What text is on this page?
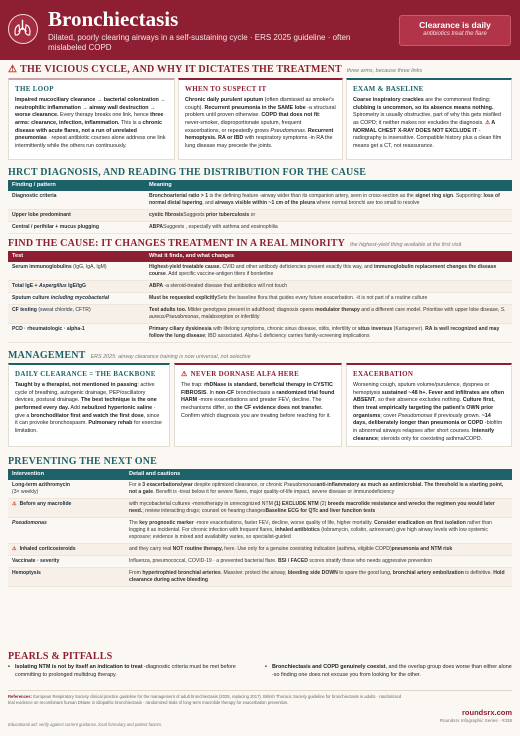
Bronchiectasis
Dilated, poorly clearing airways in a self-sustaining cycle · ERS 2025 guideline · often mislabeled COPD
Clearance is daily
antibiotics treat the flare
⚠ THE VICIOUS CYCLE, AND WHY IT DICTATES THE TREATMENT three arms, because three links
THE LOOP
Impaired mucociliary clearance → bacterial colonization → neutrophilic inflammation → airway wall destruction → worse clearance. Every therapy breaks one link, hence three arms: clearance, infection, inflammation. This is a chronic disease with acute flares, not a run of unrelated pneumonias · repeat antibiotic courses alone address one link intermittently while the others run continuously.
WHEN TO SUSPECT IT
Chronic daily purulent sputum (often dismissed as smoker's cough). Recurrent pneumonia in the SAME lobe -a structural problem until proven otherwise. COPD that does not fit: never-smoker, disproportionate sputum, frequent exacerbations, or repeatedly grows Pseudomonas. Recurrent hemoptysis. RA or IBD with respiratory symptoms -in RA the lung disease may precede the joints.
EXAM & BASELINE
Coarse inspiratory crackles are the commonest finding; clubbing is uncommon, so its absence means nothing. Spirometry is usually obstructive, part of why this gets misfiled as COPD; it neither makes nor excludes the diagnosis. ⚠ A NORMAL CHEST X-RAY DOES NOT EXCLUDE IT -radiography is insensitive. Compatible history plus a clean film means get a CT, not reassurance.
HRCT DIAGNOSIS, AND READING THE DISTRIBUTION FOR THE CAUSE
Finding / pattern	Meaning
Diagnostic criteria	Bronchoarterial ratio > 1 is the defining feature -airway wider than its companion artery, seen in cross-section as the signet ring sign. Supporting: loss of normal distal tapering, and airways visible within ~1 cm of the pleura where normal bronchi are too small to resolve
Upper lobe predominant	cystic fibrosisSuggests prior tuberculosis or
Central / perihilar + mucus plugging	ABPASuggests , especially with asthma and eosinophilia

FIND THE CAUSE: IT CHANGES TREATMENT IN A REAL MINORITY the highest-yield thing available at the first visit
Test	What it finds, and what changes
Serum immunoglobulins (IgG, IgA, IgM)	Highest-yield treatable cause. CVID and other antibody deficiencies present exactly this way, and immunoglobulin replacement changes the disease course. Add specific vaccine-antigen titers if borderline
Total IgE + Aspergillus IgE/IgG	ABPA -a steroid-treated disease that antibiotics will not touch
Sputum culture including mycobacterial	Must be requested explicitlySets the baseline flora that guides every future exacerbation. -it is not part of a routine culture
CF testing (sweat chloride, CFTR)	Test adults too. Milder genotypes present in adulthood; diagnosis opens modulator therapy and a different care model. Prioritise with upper lobe disease, S. aureus/Pseudomonas, malabsorption or infertility
PCD · rheumatologic · alpha-1	Primary ciliary dyskinesia with lifelong symptoms, chronic sinus disease, otitis, infertility or situs inversus (Kartagener). RA is well recognized and may follow the lung disease; IBD associated. Alpha-1 deficiency carries family-screening implications
MANAGEMENT ERS 2025: airway clearance training is now universal, not selective
DAILY CLEARANCE = THE BACKBONE
Taught by a therapist, not mentioned in passing: active cycle of breathing, autogenic drainage, PEP/oscillatory devices, postural drainage. The best technique is the one performed every day. Add nebulized hypertonic saline · give a bronchodilator first and watch the first dose, since it can provoke bronchospasm. Pulmonary rehab for exercise limitation.
⚠ NEVER DORNASE ALFA HERE
The trap: rhDNase is standard, beneficial therapy in CYSTIC FIBROSIS. In non-CF bronchiectasis a randomized trial found HARM -more exacerbations and greater FEV₁ decline. The mechanisms differ, so the CF evidence does not transfer. Confirm which diagnosis you are treating before reaching for it.
EXACERBATION
Worsening cough, sputum volume/purulence, dyspnea or hemoptysis sustained ~48 h+. Fever and infiltrates are often ABSENT, so their absence excludes nothing. Culture first, then treat empirically targeting the patient's OWN prior organisms; cover Pseudomonas if previously grown. ~14 days, deliberately longer than pneumonia or COPD -biofilm in abnormal airways relapses after short courses. Intensify clearance; steroids only for coexisting asthma/COPD.
PREVENTING THE NEXT ONE
Intervention	Detail and cautions
Long-term azithromycin
(3× weekly)	For ≥ 3 exacerbations/year despite optimized clearance, or chronic Pseudomonasanti-inflammatory as much as antimicrobial. The threshold is a starting point, not a gate. Benefit is -treat below it for severe flares, major quality-of-life impact, severe disease or immunodeficiency
⚠Before any macrolide	with mycobacterial cultures -monotherapy in unrecognized NTM (1) EXCLUDE NTM (2) breeds macrolide resistance and wrecks the regimen you would later need.; review interacting drugs; counsel on hearing changesBaseline ECG for QTc and liver function tests
Pseudomonas	The key prognostic marker -more exacerbations, faster FEV₁ decline, worse quality of life, higher mortality. Consider eradication on first isolation rather than logging it as incidental. For chronic infection with frequent flares, inhaled antibiotics (tobramycin, colistin, aztreonam) give high airway levels with low systemic exposure; evidence is mixed and availability varies, so specialist-guided
⚠Inhaled corticosteroids	and they carry real NOT routine therapy, here. Use only for a genuine coexisting indication (asthma, eligible COPD)pneumonia and NTM risk
Vaccinate · severity	Influenza, pneumococcal, COVID-19 · a prevented bacterial flare. BSI / FACED scores stratify those who needs aggressive prevention
Hemoptysis	From hypertrophied bronchial arteries. Massive: protect the airway, bleeding side DOWN to spare the good lung, bronchial artery embolization is definitive. Hold clearance during active bleeding
PEARLS & PITFALLS
• Isolating NTM is not by itself an indication to treat -diagnostic criteria must be met before committing to prolonged multidrug therapy.
• Bronchiectasis and COPD genuinely coexist, and the overlap group does worse than either alone -so finding one does not excuse you from looking for the other.
References: European Respiratory Society clinical practice guideline for the management of adult bronchiectasis (2025, replacing 2017). British Thoracic Society guideline for bronchiectasis in adults · randomized trial evidence on recombinant human DNase in idiopathic bronchiectasis · randomized trials of long-term macrolide therapy for exacerbation prevention.
Educational aid: verify against current guidance, local formulary and patient factors.
roundsrx.com
Roundsrx Infographic Series · #338
